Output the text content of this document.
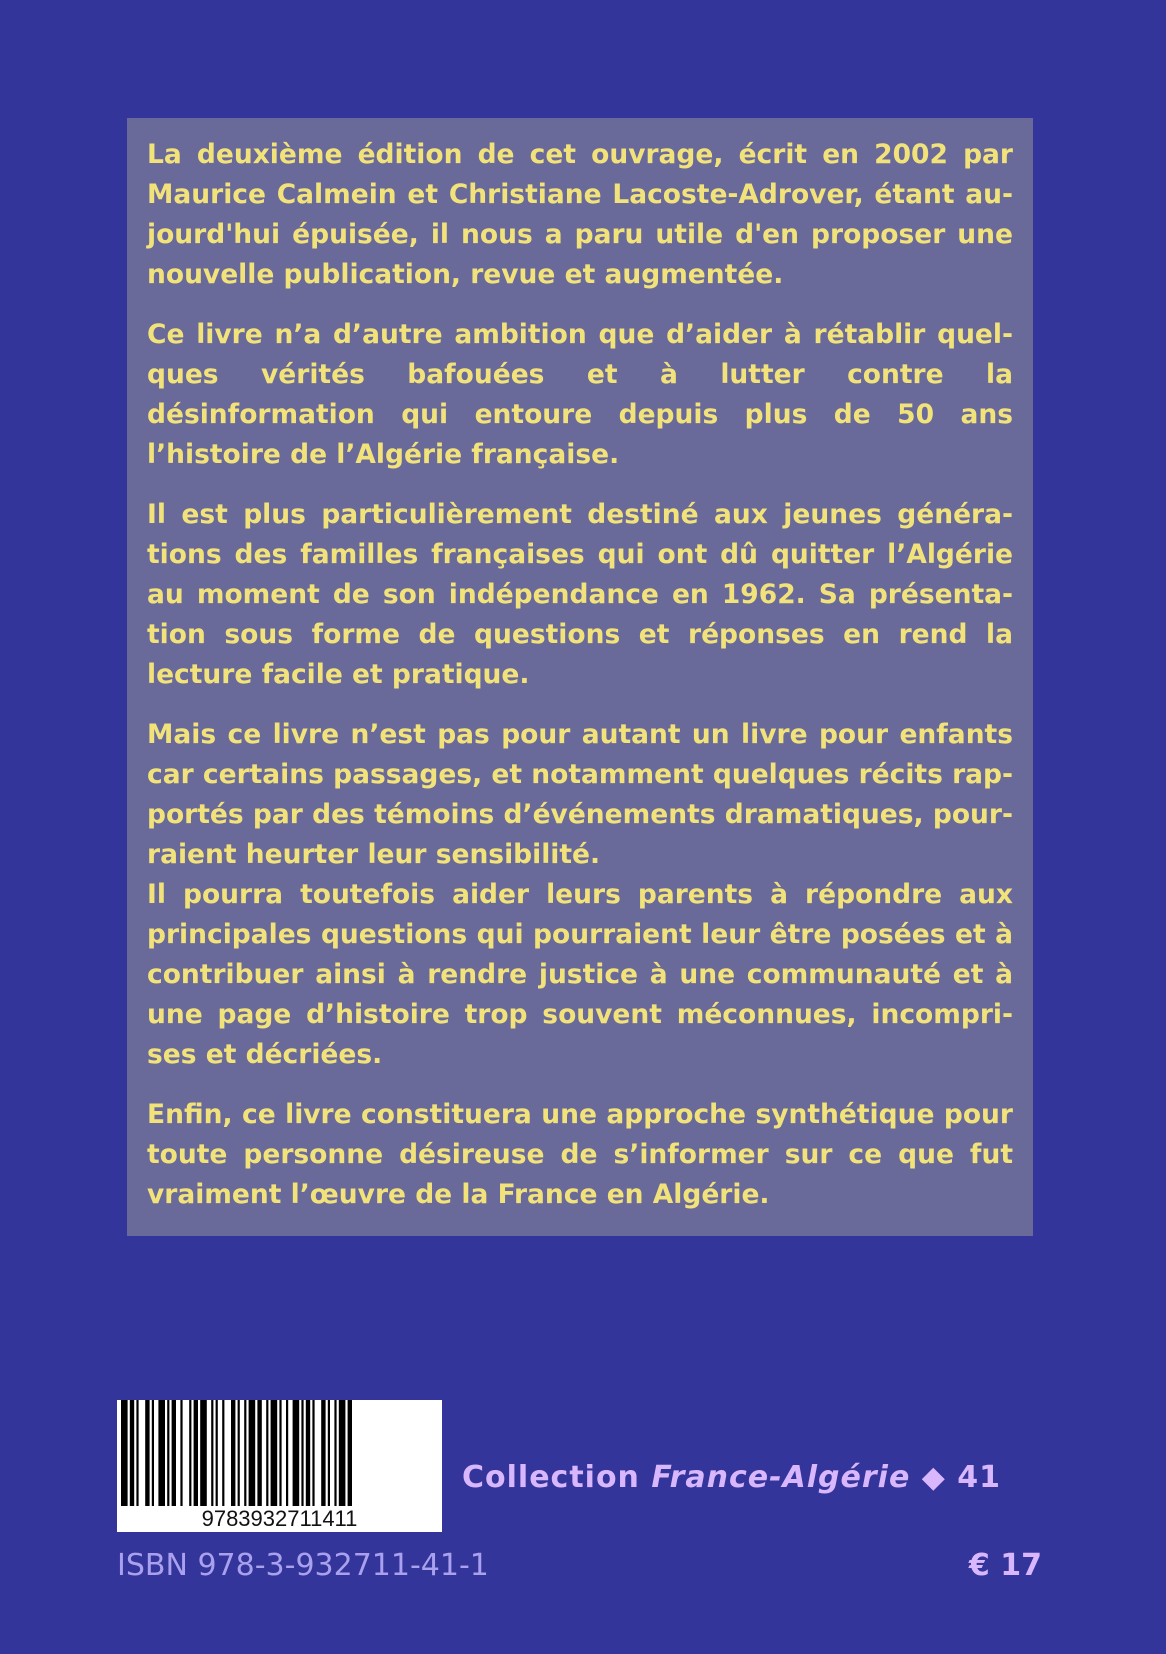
La deuxième édition de cet ouvrage, écrit en 2002 par Maurice Calmein et Christiane Lacoste-Adrover, étant aujourd'hui épuisée, il nous a paru utile d'en proposer une nouvelle publication, revue et augmentée.

Ce livre n’a d’autre ambition que d’aider à rétablir quelques vérités bafouées et à lutter contre la désinformation qui entoure depuis plus de 50 ans l’histoire de l’Algérie française.

Il est plus particulièrement destiné aux jeunes générations des familles françaises qui ont dû quitter l’Algérie au moment de son indépendance en 1962. Sa présentation sous forme de questions et réponses en rend la lecture facile et pratique.

Mais ce livre n’est pas pour autant un livre pour enfants car certains passages, et notamment quelques récits rapportés par des témoins d’événements dramatiques, pourraient heurter leur sensibilité.

Il pourra toutefois aider leurs parents à répondre aux principales questions qui pourraient leur être posées et à contribuer ainsi à rendre justice à une communauté et à une page d’histoire trop souvent méconnues, incomprises et décriées.

Enfin, ce livre constituera une approche synthétique pour toute personne désireuse de s’informer sur ce que fut vraiment l’œuvre de la France en Algérie.

9783932711411
Collection France-Algérie ◆ 41
ISBN 978-3-932711-41-1	€ 17
